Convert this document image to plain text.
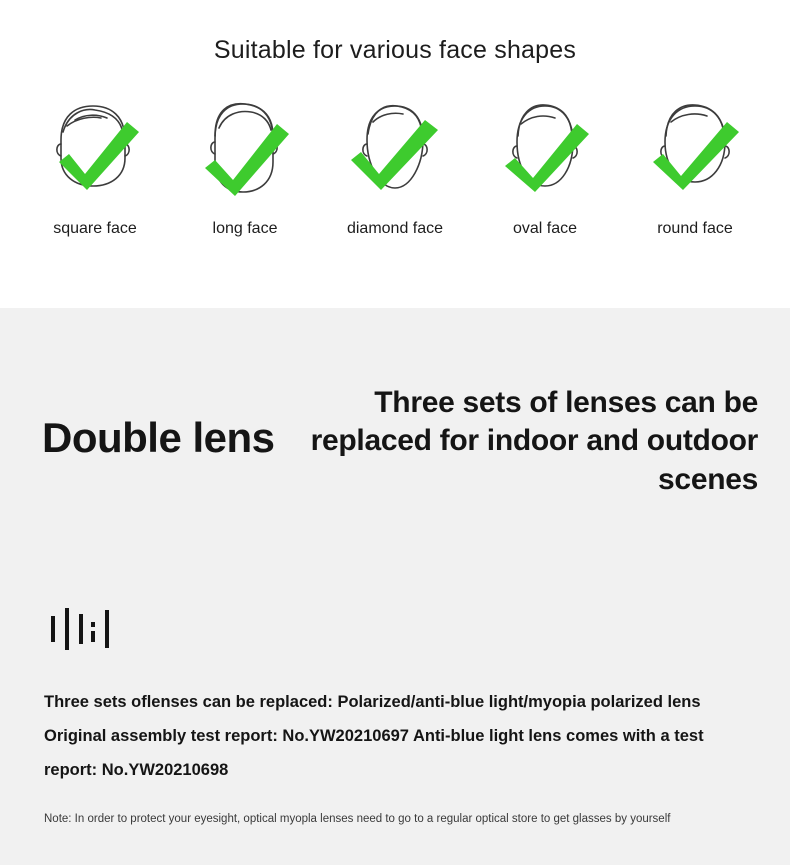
Suitable for various face shapes
square face	long face	diamond face	oval face	round face
Double lens
Three sets of lenses can be replaced for indoor and outdoor scenes
Three sets oflenses can be replaced: Polarized/anti-blue light/myopia polarized lens Original assembly test report: No.YW20210697 Anti-blue light lens comes with a test report: No.YW20210698
Note: In order to protect your eyesight, optical myopla lenses need to go to a regular optical store to get glasses by yourself
